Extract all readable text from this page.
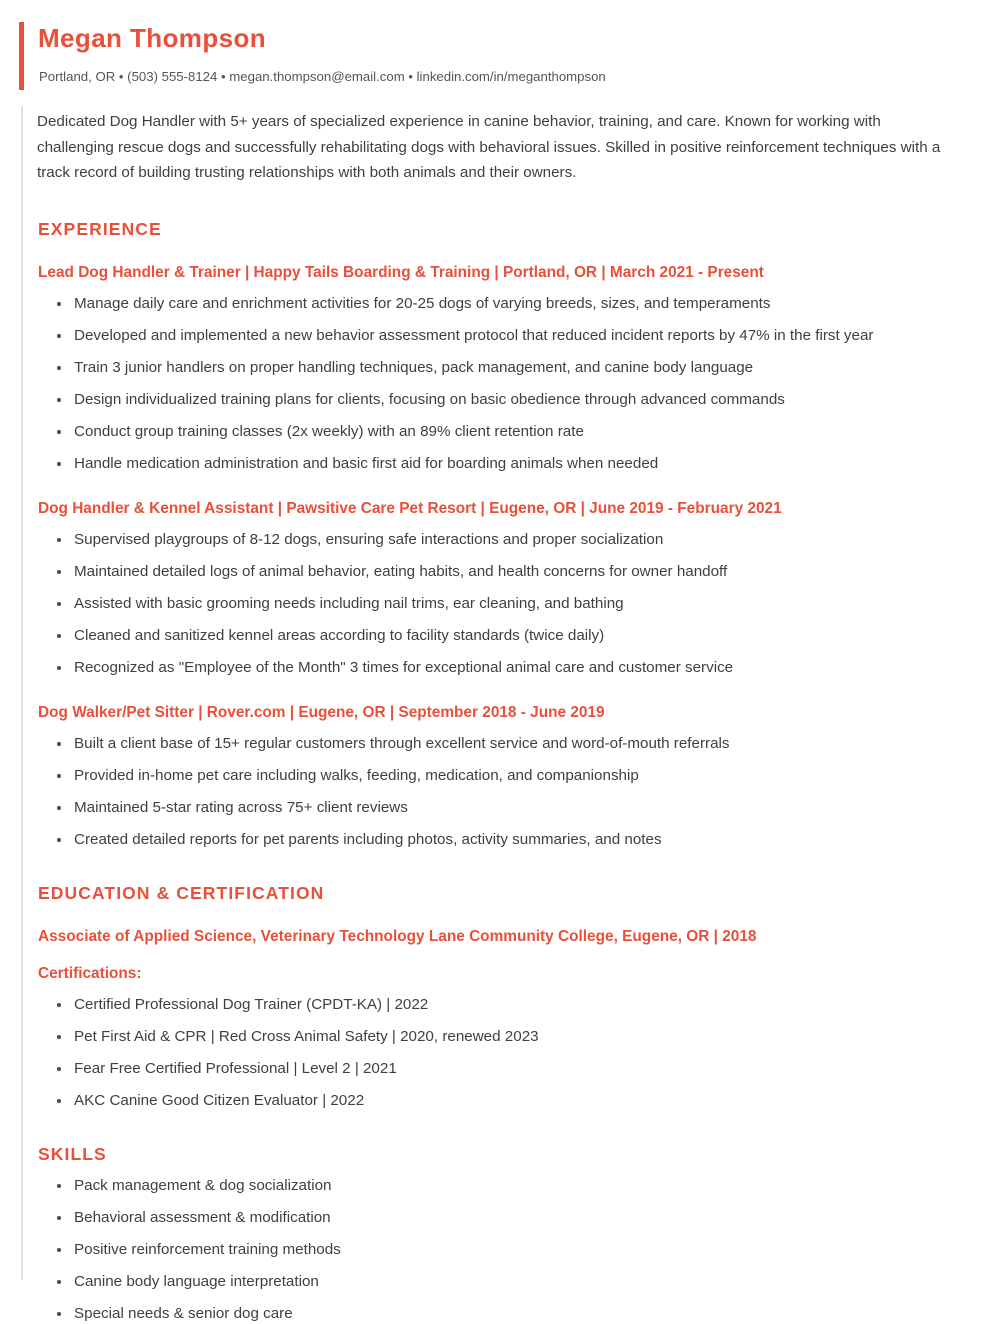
Megan Thompson
Portland, OR • (503) 555-8124 • megan.thompson@email.com • linkedin.com/in/meganthompson
Dedicated Dog Handler with 5+ years of specialized experience in canine behavior, training, and care. Known for working with challenging rescue dogs and successfully rehabilitating dogs with behavioral issues. Skilled in positive reinforcement techniques with a track record of building trusting relationships with both animals and their owners.
EXPERIENCE
Lead Dog Handler & Trainer | Happy Tails Boarding & Training | Portland, OR | March 2021 - Present
Manage daily care and enrichment activities for 20-25 dogs of varying breeds, sizes, and temperaments
Developed and implemented a new behavior assessment protocol that reduced incident reports by 47% in the first year
Train 3 junior handlers on proper handling techniques, pack management, and canine body language
Design individualized training plans for clients, focusing on basic obedience through advanced commands
Conduct group training classes (2x weekly) with an 89% client retention rate
Handle medication administration and basic first aid for boarding animals when needed
Dog Handler & Kennel Assistant | Pawsitive Care Pet Resort | Eugene, OR | June 2019 - February 2021
Supervised playgroups of 8-12 dogs, ensuring safe interactions and proper socialization
Maintained detailed logs of animal behavior, eating habits, and health concerns for owner handoff
Assisted with basic grooming needs including nail trims, ear cleaning, and bathing
Cleaned and sanitized kennel areas according to facility standards (twice daily)
Recognized as "Employee of the Month" 3 times for exceptional animal care and customer service
Dog Walker/Pet Sitter | Rover.com | Eugene, OR | September 2018 - June 2019
Built a client base of 15+ regular customers through excellent service and word-of-mouth referrals
Provided in-home pet care including walks, feeding, medication, and companionship
Maintained 5-star rating across 75+ client reviews
Created detailed reports for pet parents including photos, activity summaries, and notes
EDUCATION & CERTIFICATION
Associate of Applied Science, Veterinary Technology Lane Community College, Eugene, OR | 2018
Certifications:
Certified Professional Dog Trainer (CPDT-KA) | 2022
Pet First Aid & CPR | Red Cross Animal Safety | 2020, renewed 2023
Fear Free Certified Professional | Level 2 | 2021
AKC Canine Good Citizen Evaluator | 2022
SKILLS
Pack management & dog socialization
Behavioral assessment & modification
Positive reinforcement training methods
Canine body language interpretation
Special needs & senior dog care
